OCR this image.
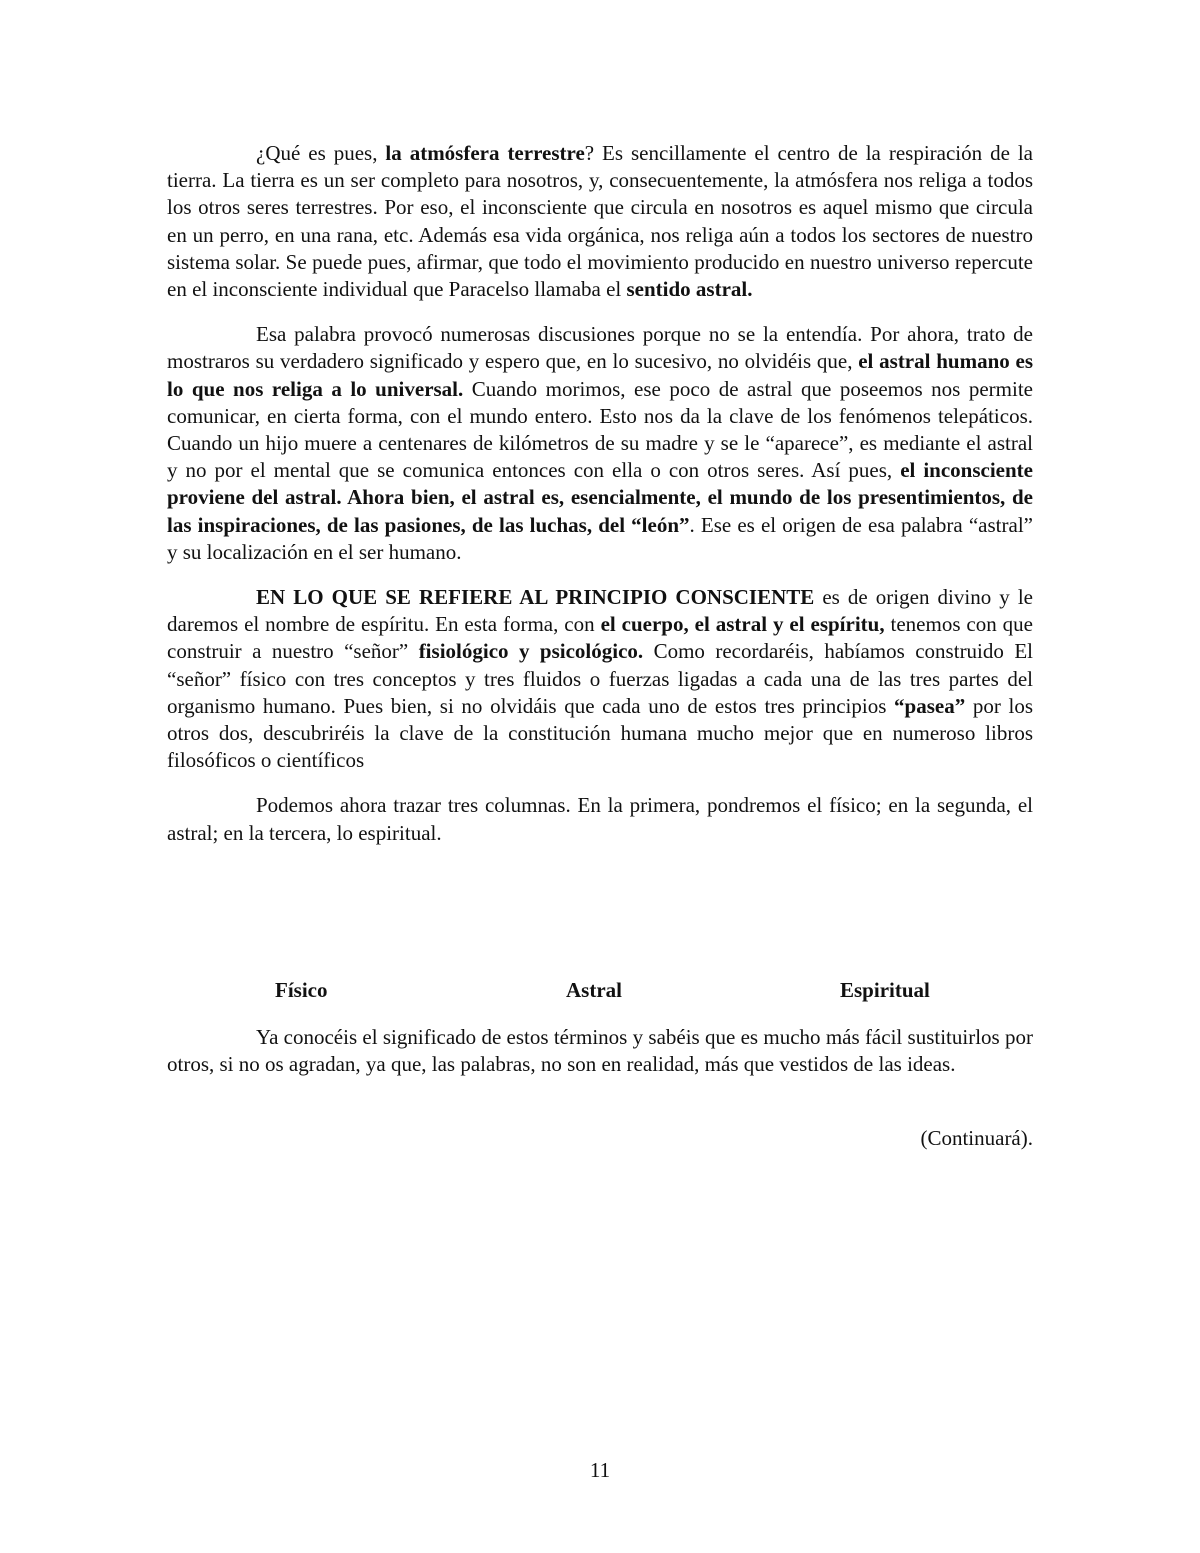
¿Qué es pues, la atmósfera terrestre? Es sencillamente el centro de la respiración de la tierra. La tierra es un ser completo para nosotros, y, consecuentemente, la atmósfera nos religa a todos los otros seres terrestres. Por eso, el inconsciente que circula en nosotros es aquel mismo que circula en un perro, en una rana, etc. Además esa vida orgánica, nos religa aún a todos los sectores de nuestro sistema solar. Se puede pues, afirmar, que todo el movimiento producido en nuestro universo repercute en el inconsciente individual que Paracelso llamaba el sentido astral.

Esa palabra provocó numerosas discusiones porque no se la entendía. Por ahora, trato de mostraros su verdadero significado y espero que, en lo sucesivo, no olvidéis que, el astral humano es lo que nos religa a lo universal. Cuando morimos, ese poco de astral que poseemos nos permite comunicar, en cierta forma, con el mundo entero. Esto nos da la clave de los fenómenos telepáticos. Cuando un hijo muere a centenares de kilómetros de su madre y se le “aparece”, es mediante el astral y no por el mental que se comunica entonces con ella o con otros seres. Así pues, el inconsciente proviene del astral. Ahora bien, el astral es, esencialmente, el mundo de los presentimientos, de las inspiraciones, de las pasiones, de las luchas, del “león”. Ese es el origen de esa palabra “astral” y su localización en el ser humano.

EN LO QUE SE REFIERE AL PRINCIPIO CONSCIENTE es de origen divino y le daremos el nombre de espíritu. En esta forma, con el cuerpo, el astral y el espíritu, tenemos con que construir a nuestro “señor” fisiológico y psicológico. Como recordaréis, habíamos construido El “señor” físico con tres conceptos y tres fluidos o fuerzas ligadas a cada una de las tres partes del organismo humano. Pues bien, si no olvidáis que cada uno de estos tres principios “pasea” por los otros dos, descubriréis la clave de la constitución humana mucho mejor que en numeroso libros filosóficos o científicos

Podemos ahora trazar tres columnas. En la primera, pondremos el físico; en la segunda, el astral; en la tercera, lo espiritual.

Físico	Astral	Espiritual

Ya conocéis el significado de estos términos y sabéis que es mucho más fácil sustituirlos por otros, si no os agradan, ya que, las palabras, no son en realidad, más que vestidos de las ideas.

(Continuará).
11
